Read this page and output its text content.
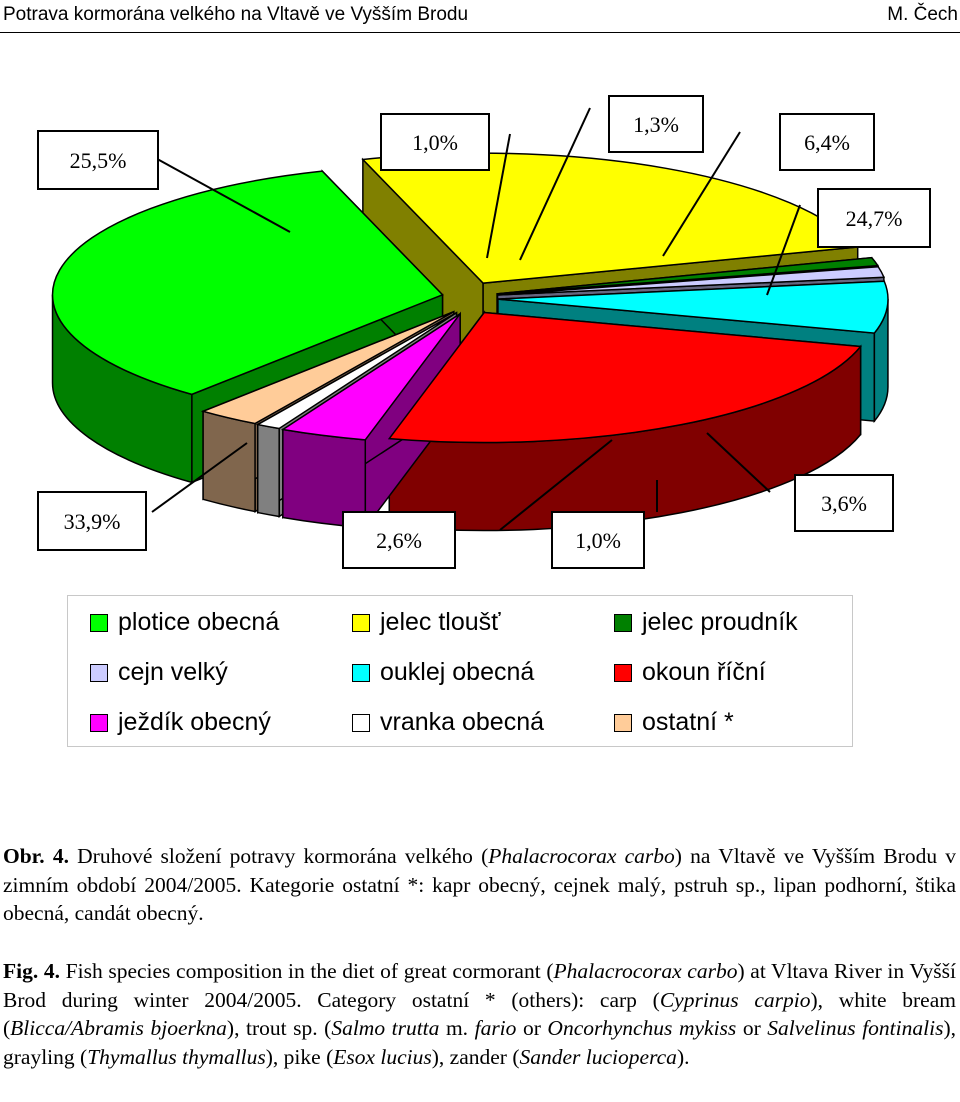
Potrava kormorána velkého na Vltavě ve Vyšším Brodu	M. Čech
33,9%
25,5%
1,0%
1,3%
6,4%
24,7%
3,6%
1,0%
2,6%
plotice obecná	jelec tloušť	jelec proudník
cejn velký	ouklej obecná	okoun říční
ježdík obecný	vranka obecná	ostatní *
Obr. 4. Druhové složení potravy kormorána velkého (Phalacrocorax carbo) na Vltavě ve Vyšším Brodu v zimním období 2004/2005. Kategorie ostatní *: kapr obecný, cejnek malý, pstruh sp., lipan podhorní, štika obecná, candát obecný.
Fig. 4. Fish species composition in the diet of great cormorant (Phalacrocorax carbo) at Vltava River in Vyšší Brod during winter 2004/2005. Category ostatní * (others): carp (Cyprinus carpio), white bream (Blicca/Abramis bjoerkna), trout sp. (Salmo trutta m. fario or Oncorhynchus mykiss or Salvelinus fontinalis), grayling (Thymallus thymallus), pike (Esox lucius), zander (Sander lucioperca).
